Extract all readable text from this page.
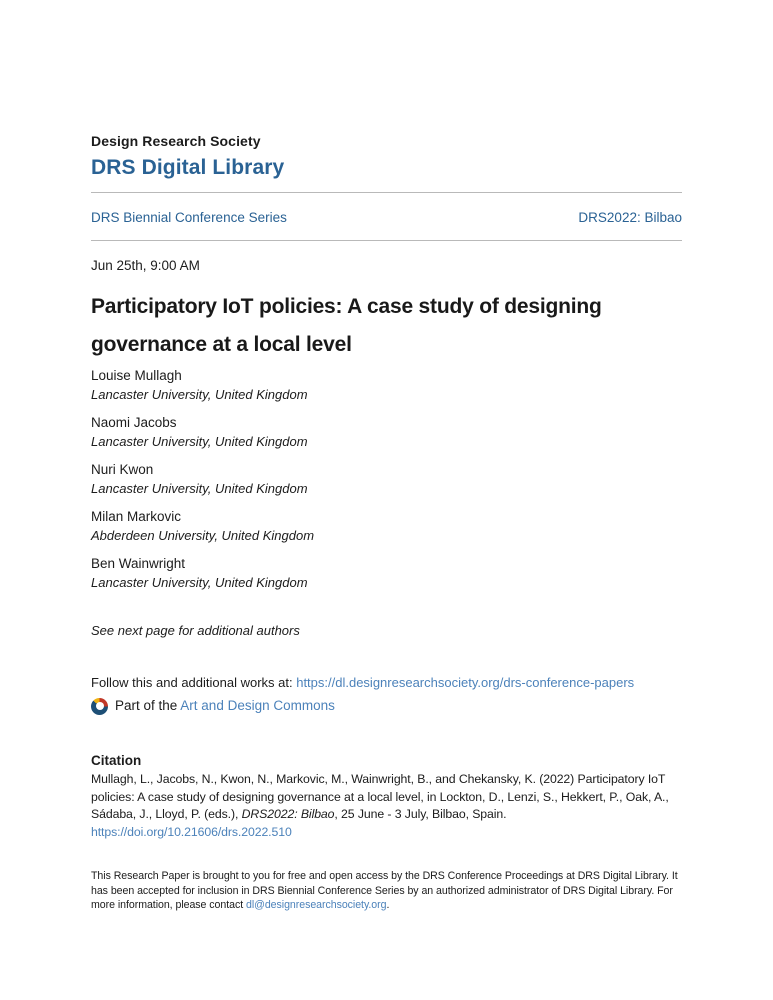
Design Research Society
DRS Digital Library
DRS Biennial Conference Series	DRS2022: Bilbao
Jun 25th, 9:00 AM
Participatory IoT policies: A case study of designing governance at a local level
Louise Mullagh
Lancaster University, United Kingdom
Naomi Jacobs
Lancaster University, United Kingdom
Nuri Kwon
Lancaster University, United Kingdom
Milan Markovic
Abderdeen University, United Kingdom
Ben Wainwright
Lancaster University, United Kingdom
See next page for additional authors

Follow this and additional works at: https://dl.designresearchsociety.org/drs-conference-papers

Part of the Art and Design Commons

Citation

Mullagh, L., Jacobs, N., Kwon, N., Markovic, M., Wainwright, B., and Chekansky, K. (2022) Participatory IoT policies: A case study of designing governance at a local level, in Lockton, D., Lenzi, S., Hekkert, P., Oak, A., Sádaba, J., Lloyd, P. (eds.), DRS2022: Bilbao, 25 June - 3 July, Bilbao, Spain. https://doi.org/10.21606/drs.2022.510

This Research Paper is brought to you for free and open access by the DRS Conference Proceedings at DRS Digital Library. It has been accepted for inclusion in DRS Biennial Conference Series by an authorized administrator of DRS Digital Library. For more information, please contact dl@designresearchsociety.org.
